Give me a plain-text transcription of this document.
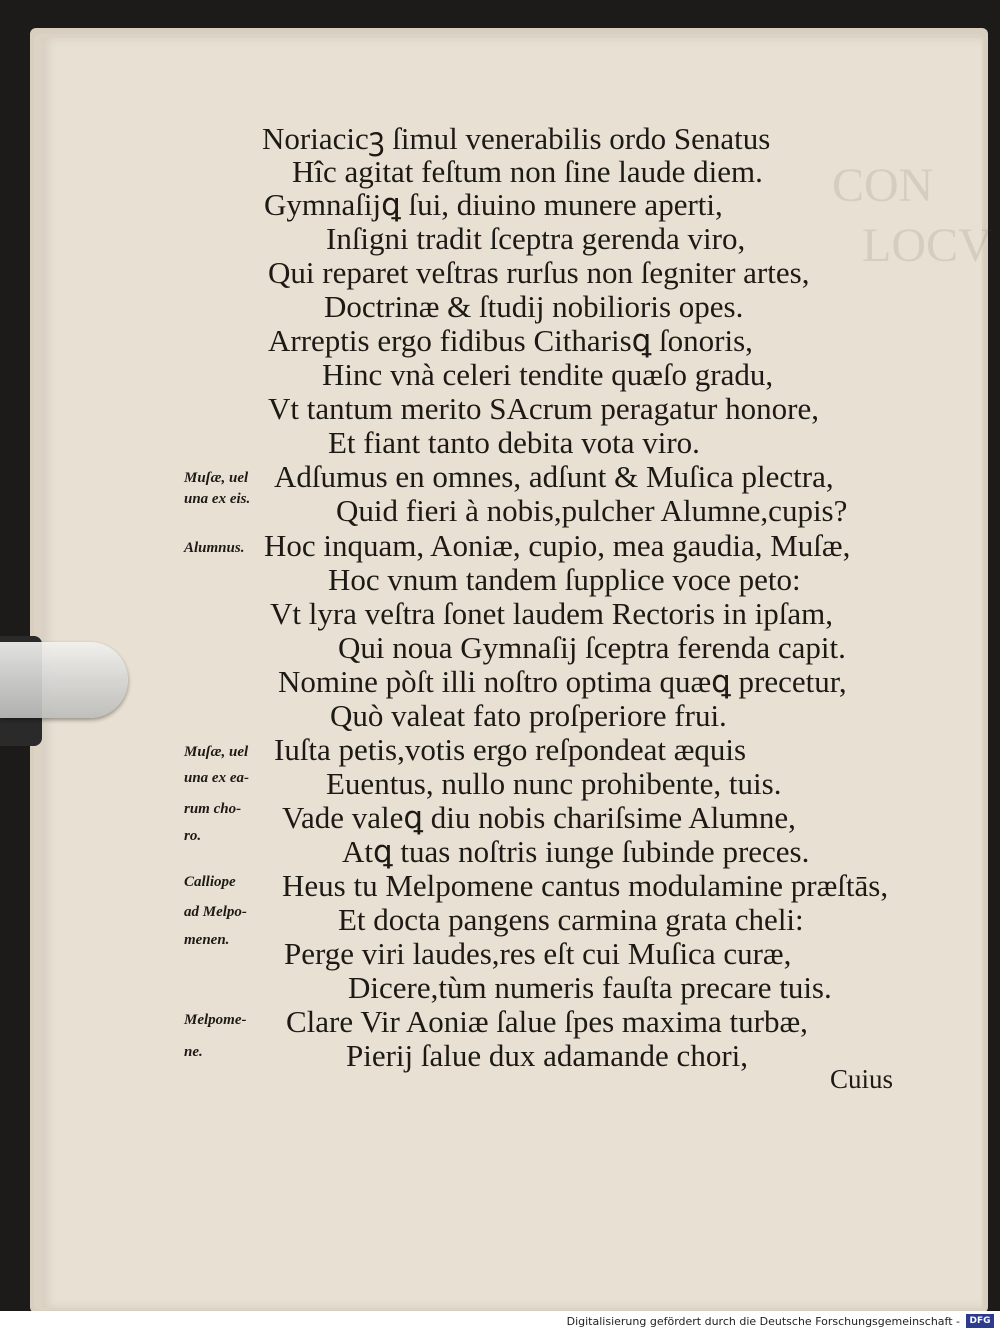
CON
LOCV
Noriacicꝫ ſimul venerabilis ordo Senatus
Hîc agitat feſtum non ſine laude diem.
Gymnaſijꝗ ſui, diuino munere aperti,
Inſigni tradit ſceptra gerenda viro,
Qui reparet veſtras rurſus non ſegniter artes,
Doctrinæ & ſtudij nobilioris opes.
Arreptis ergo fidibus Citharisꝗ ſonoris,
Hinc vnà celeri tendite quæſo gradu,
Vt tantum merito SAcrum peragatur honore,
Et fiant tanto debita vota viro.
Adſumus en omnes, adſunt & Muſica plectra,
Quid fieri à nobis,pulcher Alumne,cupis?
Hoc inquam, Aoniæ, cupio, mea gaudia, Muſæ,
Hoc vnum tandem ſupplice voce peto:
Vt lyra veſtra ſonet laudem Rectoris in ipſam,
Qui noua Gymnaſij ſceptra ferenda capit.
Nomine pòſt illi noſtro optima quæꝗ precetur,
Quò valeat fato proſperiore frui.
Iuſta petis,votis ergo reſpondeat æquis
Euentus, nullo nunc prohibente, tuis.
Vade valeꝗ diu nobis chariſsime Alumne,
Atꝗ tuas noſtris iunge ſubinde preces.
Heus tu Melpomene cantus modulamine præſtās,
Et docta pangens carmina grata cheli:
Perge viri laudes,res eſt cui Muſica curæ,
Dicere,tùm numeris fauſta precare tuis.
Clare Vir Aoniæ ſalue ſpes maxima turbæ,
Pierij ſalue dux adamande chori,
Muſæ, uel
una ex eis.
Alumnus.
Muſæ, uel
una ex ea-
rum cho-
ro.
Calliope
ad Melpo-
menen.
Melpome-
ne.
Cuius
Digitalisierung gefördert durch die Deutsche Forschungsgemeinschaft -	DFG
